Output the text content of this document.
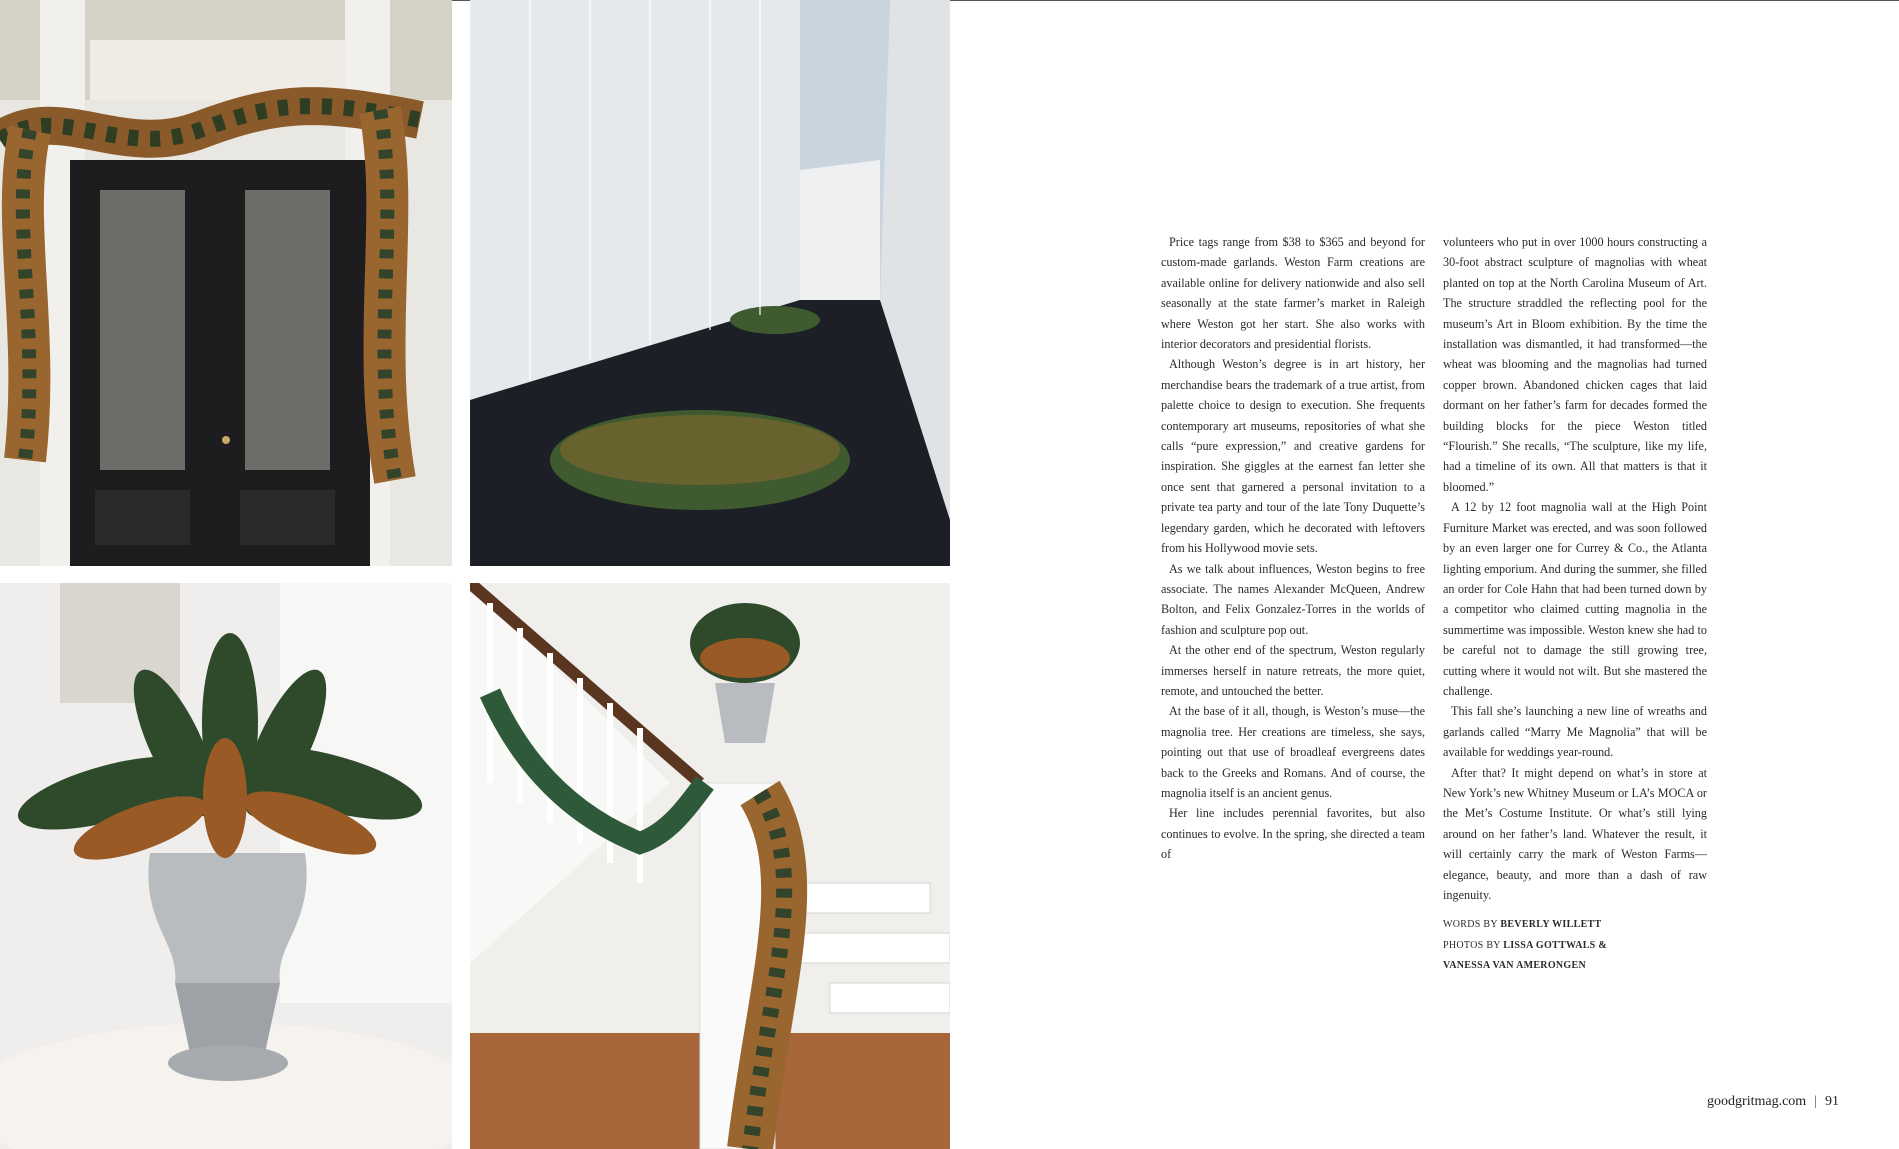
Price tags range from $38 to $365 and beyond for custom-made garlands. Weston Farm creations are available online for delivery nationwide and also sell seasonally at the state farmer’s market in Raleigh where Weston got her start. She also works with interior decorators and presidential florists.

Although Weston’s degree is in art history, her merchandise bears the trademark of a true artist, from palette choice to design to execution. She frequents contemporary art museums, repositories of what she calls “pure expression,” and creative gardens for inspiration. She giggles at the earnest fan letter she once sent that garnered a personal invitation to a private tea party and tour of the late Tony Duquette’s legendary garden, which he decorated with leftovers from his Hollywood movie sets.

As we talk about influences, Weston begins to free associate. The names Alexander McQueen, Andrew Bolton, and Felix Gonzalez-Torres in the worlds of fashion and sculpture pop out.

At the other end of the spectrum, Weston regularly immerses herself in nature retreats, the more quiet, remote, and untouched the better.

At the base of it all, though, is Weston’s muse—the magnolia tree. Her creations are timeless, she says, pointing out that use of broadleaf evergreens dates back to the Greeks and Romans. And of course, the magnolia itself is an ancient genus.

Her line includes perennial favorites, but also continues to evolve. In the spring, she directed a team of

volunteers who put in over 1000 hours constructing a 30-foot abstract sculpture of magnolias with wheat planted on top at the North Carolina Museum of Art. The structure straddled the reflecting pool for the museum’s Art in Bloom exhibition. By the time the installation was dismantled, it had transformed—the wheat was blooming and the magnolias had turned copper brown. Abandoned chicken cages that laid dormant on her father’s farm for decades formed the building blocks for the piece Weston titled “Flourish.” She recalls, “The sculpture, like my life, had a timeline of its own. All that matters is that it bloomed.”

A 12 by 12 foot magnolia wall at the High Point Furniture Market was erected, and was soon followed by an even larger one for Currey & Co., the Atlanta lighting emporium. And during the summer, she filled an order for Cole Hahn that had been turned down by a competitor who claimed cutting magnolia in the summertime was impossible. Weston knew she had to be careful not to damage the still growing tree, cutting where it would not wilt. But she mastered the challenge.

This fall she’s launching a new line of wreaths and garlands called “Marry Me Magnolia” that will be available for weddings year-round.

After that? It might depend on what’s in store at New York’s new Whitney Museum or LA’s MOCA or the Met’s Costume Institute. Or what’s still lying around on her father’s land. Whatever the result, it will certainly carry the mark of Weston Farms—elegance, beauty, and more than a dash of raw ingenuity.

WORDS BY BEVERLY WILLETT
PHOTOS BY LISSA GOTTWALS &
VANESSA VAN AMERONGEN
goodgritmag.com | 91
